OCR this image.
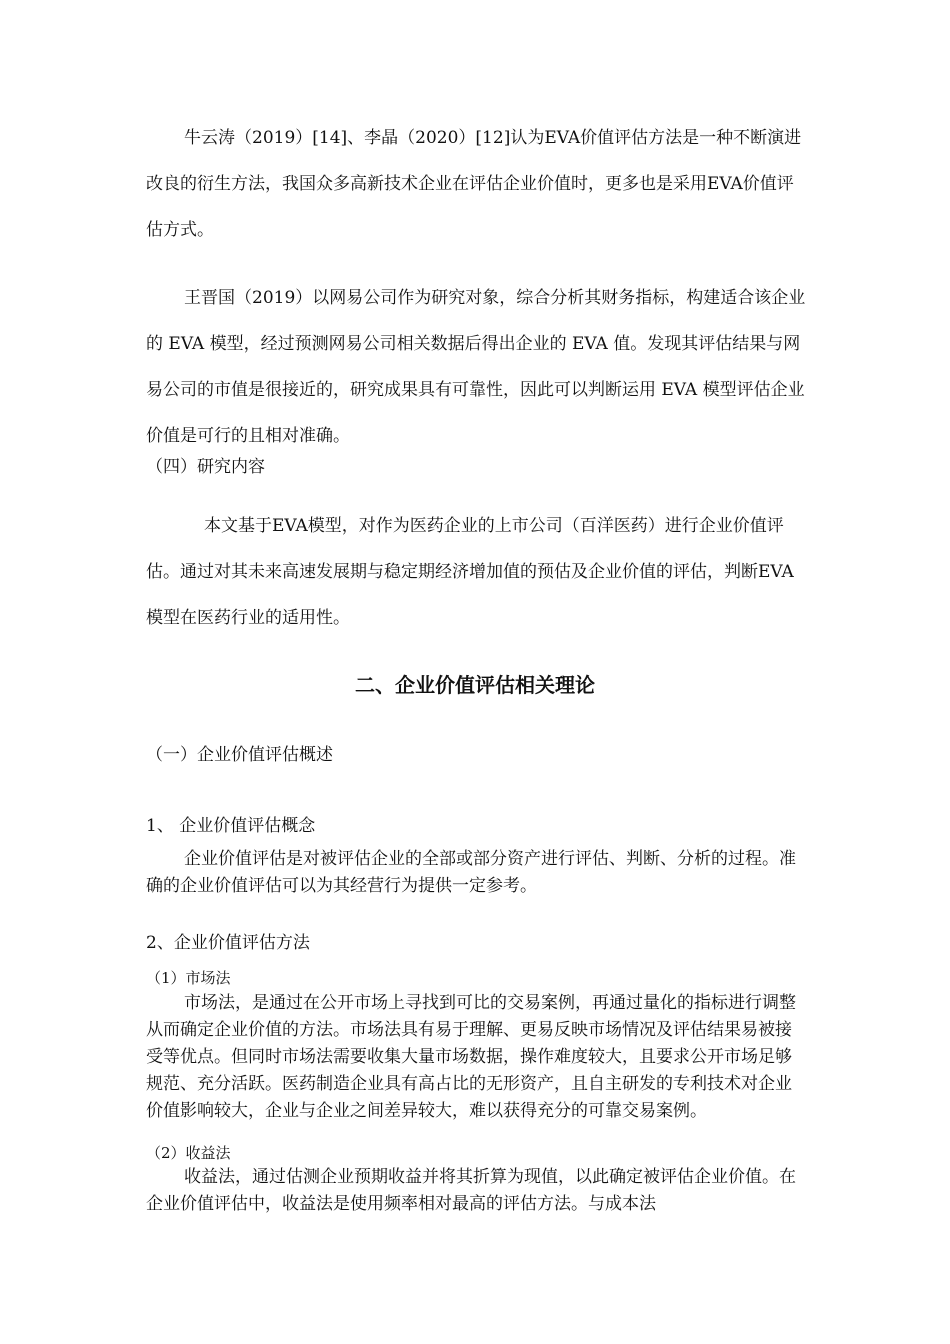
牛云涛（2019）[14]、李晶（2020）[12]认为EVA价值评估方法是一种不断演进改良的衍生方法，我国众多高新技术企业在评估企业价值时，更多也是采用EVA价值评估方式。

王晋国（2019）以网易公司作为研究对象，综合分析其财务指标，构建适合该企业的 EVA 模型，经过预测网易公司相关数据后得出企业的 EVA 值。发现其评估结果与网易公司的市值是很接近的，研究成果具有可靠性，因此可以判断运用 EVA 模型评估企业价值是可行的且相对准确。

（四）研究内容

本文基于EVA模型，对作为医药企业的上市公司（百洋医药）进行企业价值评估。通过对其未来高速发展期与稳定期经济增加值的预估及企业价值的评估，判断EVA模型在医药行业的适用性。

二、企业价值评估相关理论

（一）企业价值评估概述

1、 企业价值评估概念

企业价值评估是对被评估企业的全部或部分资产进行评估、判断、分析的过程。准确的企业价值评估可以为其经营行为提供一定参考。

2、企业价值评估方法

（1）市场法

市场法，是通过在公开市场上寻找到可比的交易案例，再通过量化的指标进行调整从而确定企业价值的方法。市场法具有易于理解、更易反映市场情况及评估结果易被接受等优点。但同时市场法需要收集大量市场数据，操作难度较大，且要求公开市场足够规范、充分活跃。医药制造企业具有高占比的无形资产，且自主研发的专利技术对企业价值影响较大，企业与企业之间差异较大，难以获得充分的可靠交易案例。

（2）收益法

收益法，通过估测企业预期收益并将其折算为现值，以此确定被评估企业价值。在企业价值评估中，收益法是使用频率相对最高的评估方法。与成本法
